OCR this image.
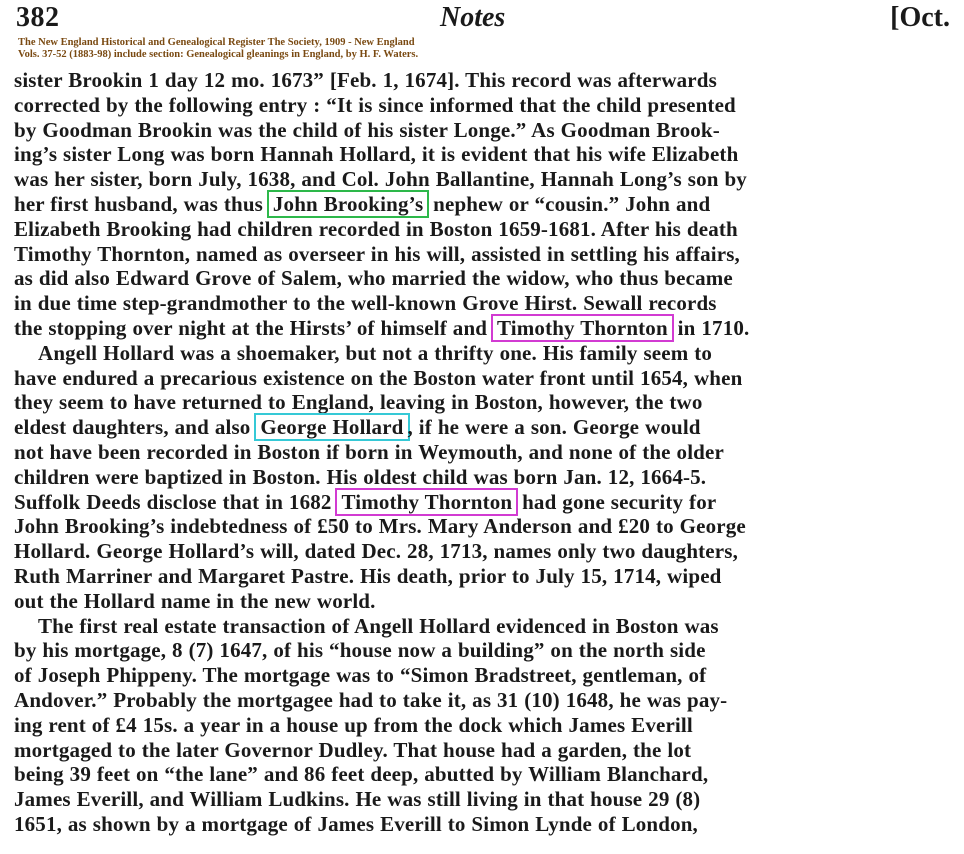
382	Notes	[Oct.
The New England Historical and Genealogical Register The Society, 1909 - New England
Vols. 37-52 (1883-98) include section: Genealogical gleanings in England, by H. F. Waters.
sister Brookin 1 day 12 mo. 1673” [Feb. 1, 1674]. This record was afterwards
corrected by the following entry : “It is since informed that the child presented
by Goodman Brookin was the child of his sister Longe.” As Goodman Brook-
ing’s sister Long was born Hannah Hollard, it is evident that his wife Elizabeth
was her sister, born July, 1638, and Col. John Ballantine, Hannah Long’s son by
her first husband, was thus John Brooking’s nephew or “cousin.” John and
Elizabeth Brooking had children recorded in Boston 1659-1681. After his death
Timothy Thornton, named as overseer in his will, assisted in settling his affairs,
as did also Edward Grove of Salem, who married the widow, who thus became
in due time step-grandmother to the well-known Grove Hirst. Sewall records
the stopping over night at the Hirsts’ of himself and Timothy Thornton in 1710.
Angell Hollard was a shoemaker, but not a thrifty one. His family seem to
have endured a precarious existence on the Boston water front until 1654, when
they seem to have returned to England, leaving in Boston, however, the two
eldest daughters, and also George Hollard , if he were a son. George would
not have been recorded in Boston if born in Weymouth, and none of the older
children were baptized in Boston. His oldest child was born Jan. 12, 1664-5.
Suffolk Deeds disclose that in 1682 Timothy Thornton had gone security for
John Brooking’s indebtedness of £50 to Mrs. Mary Anderson and £20 to George
Hollard. George Hollard’s will, dated Dec. 28, 1713, names only two daughters,
Ruth Marriner and Margaret Pastre. His death, prior to July 15, 1714, wiped
out the Hollard name in the new world.
The first real estate transaction of Angell Hollard evidenced in Boston was
by his mortgage, 8 (7) 1647, of his “house now a building” on the north side
of Joseph Phippeny. The mortgage was to “Simon Bradstreet, gentleman, of
Andover.” Probably the mortgagee had to take it, as 31 (10) 1648, he was pay-
ing rent of £4 15s. a year in a house up from the dock which James Everill
mortgaged to the later Governor Dudley. That house had a garden, the lot
being 39 feet on “the lane” and 86 feet deep, abutted by William Blanchard,
James Everill, and William Ludkins. He was still living in that house 29 (8)
1651, as shown by a mortgage of James Everill to Simon Lynde of London,
